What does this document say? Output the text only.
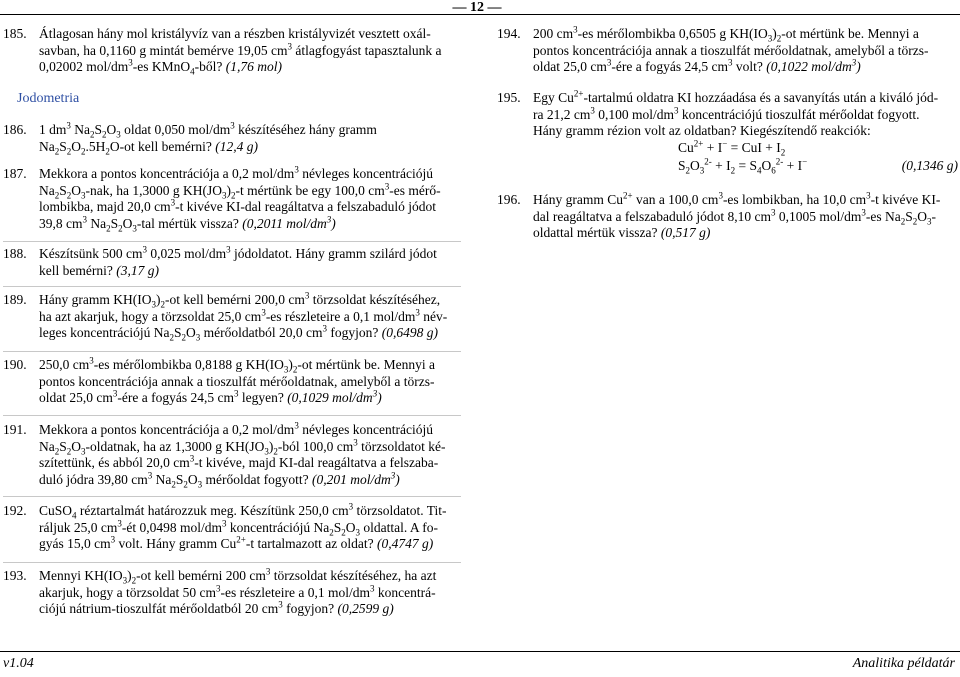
— 12 —
185. Átlagosan hány mol kristályvíz van a részben kristályvizét vesztett oxál-
savban, ha 0,1160 g mintát bemérve 19,05 $cm^3$ átlagfogyást tapasztalunk a
0,02002 mol/$dm^3-es$ KMnO$_4$-ből? (1,76 mol)
Jodometria
186. 1 $dm^3$ $Na_2S_2O_3$ oldat 0,050 mol/$dm^3$ készítéséhez hány gramm
$Na_2S_2O_2.5H_2O-ot$ kell bemérni? (12,4 g)
187. Mekkora a pontos koncentrációja a 0,2 mol/$dm^3$ névleges koncentrációjú
$Na_2S_2O_3$-nak, ha 1,3000 g $KH(JO_3)_2-t$ mértünk be egy 100,0 $cm^3-es$ mérő-
lombikba, majd 20,0 $cm^3-t$ kivéve KI-dal reagáltatva a felszabaduló jódot
39,8 $cm^3$ $Na_2S_2O_3$-tal mértük vissza? (0,2011 mol/$dm^3$)
188. Készítsünk 500 $cm^3$ 0,025 mol/$dm^3$ jódoldatot. Hány gramm szilárd jódot
kell bemérni? (3,17 g)
189. Hány gramm $KH(IO_3)_2-ot$ kell bemérni 200,0 $cm^3$ törzsoldat készítéséhez,
ha azt akarjuk, hogy a törzsoldat 25,0 $cm^3-es$ részleteire a 0,1 mol/$dm^3$ név-
leges koncentrációjú $Na_2S_2O_3$ mérőoldatból 20,0 $cm^3$ fogyjon? (0,6498 g)
190. 250,0 $cm^3-es$ mérőlombikba 0,8188 g $KH(IO_3)_2-ot$ mértünk be. Mennyi a
pontos koncentrációja annak a tioszulfát mérőoldatnak, amelyből a törzs-
oldat 25,0 $cm^3$-ére a fogyás 24,5 $cm^3$ legyen? (0,1029 mol/$dm^3$)
191. Mekkora a pontos koncentrációja a 0,2 mol/$dm^3$ névleges koncentrációjú
$Na_2S_2O_3$-oldatnak, ha az 1,3000 g $KH(JO_3)_2$-ból 100,0 $cm^3$ törzsoldatot ké-
szítettünk, és abból 20,0 $cm^3-t$ kivéve, majd KI-dal reagáltatva a felszaba-
duló jódra 39,80 $cm^3$ $Na_2S_2O_3$ mérőoldat fogyott? (0,201 mol/$dm^3$)
192. CuSO$_4$ réztartalmát határozzuk meg. Készítünk 250,0 $cm^3$ törzsoldatot. Tit-
ráljuk 25,0 $cm^3-ét$ 0,0498 mol/$dm^3$ koncentrációjú $Na_2S_2O_3$ oldattal. A fo-
gyás 15,0 $cm^3$ volt. Hány gramm $Cu^{2+}-t$ tartalmazott az oldat? (0,4747 g)
193. Mennyi $KH(IO_3)_2-ot$ kell bemérni 200 $cm^3$ törzsoldat készítéséhez, ha azt
akarjuk, hogy a törzsoldat 50 $cm^3-es$ részleteire a 0,1 mol/$dm^3$ koncentrá-
ciójú nátrium-tioszulfát mérőoldatból 20 $cm^3$ fogyjon? (0,2599 g)
194. 200 $cm^3-es$ mérőlombikba 0,6505 g $KH(IO_3)_2-ot$ mértünk be. Mennyi a
pontos koncentrációja annak a tioszulfát mérőoldatnak, amelyből a törzs-
oldat 25,0 $cm^3$-ére a fogyás 24,5 $cm^3$ volt? (0,1022 mol/$dm^3$)
195. Egy $Cu^{2+}$-tartalmú oldatra KI hozzáadása és a savanyítás után a kiváló jód-
ra 21,2 $cm^3$ 0,100 mol/$dm^3$ koncentrációjú tioszulfát mérőoldat fogyott.
Hány gramm rézion volt az oldatban? Kiegészítendő reakciók:
$Cu^{2+} + I^-$ = CuI + $I_2$
$S_2O_3^{2-} + I_2 = S_4O_6^{2-} + I^-$	(0,1346 g)
196. Hány gramm $Cu^{2+}$ van a 100,0 $cm^3-es$ lombikban, ha 10,0 $cm^3-t$ kivéve KI-
dal reagáltatva a felszabaduló jódot 8,10 $cm^3$ 0,1005 mol/$dm^3-es$ $Na_2S_2O_3-$
oldattal mértük vissza? (0,517 g)
v1.04	Analitika példatár
